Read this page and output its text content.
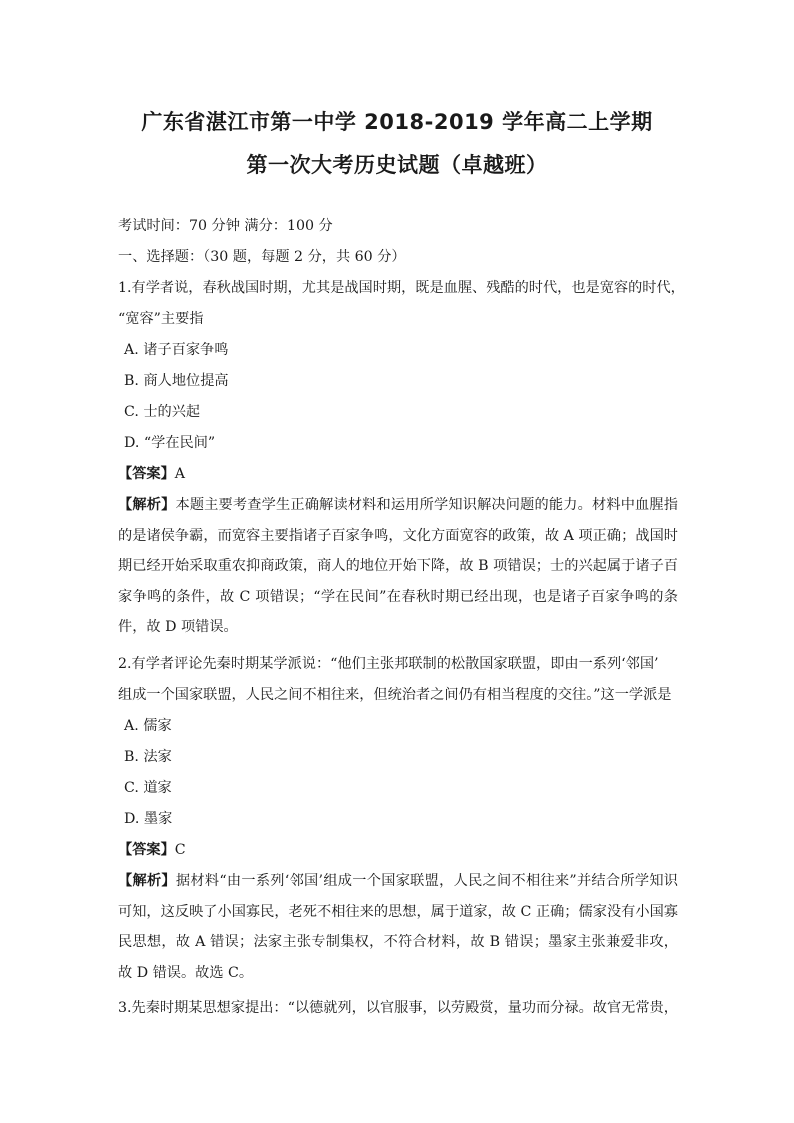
广东省湛江市第一中学 2018-2019 学年高二上学期
第一次大考历史试题（卓越班）
考试时间：70 分钟 满分：100 分
一、选择题：（30 题，每题 2 分，共 60 分）
1.有学者说，春秋战国时期，尤其是战国时期，既是血腥、残酷的时代，也是宽容的时代，
“宽容”主要指
A. 诸子百家争鸣
B. 商人地位提高
C. 士的兴起
D. “学在民间”
【答案】A
【解析】本题主要考查学生正确解读材料和运用所学知识解决问题的能力。材料中血腥指的是诸侯争霸，而宽容主要指诸子百家争鸣，文化方面宽容的政策，故 A 项正确；战国时期已经开始采取重农抑商政策，商人的地位开始下降，故 B 项错误；士的兴起属于诸子百家争鸣的条件，故 C 项错误；“学在民间”在春秋时期已经出现，也是诸子百家争鸣的条件，故 D 项错误。
2.有学者评论先秦时期某学派说：“他们主张邦联制的松散国家联盟，即由一系列‘邻国’
组成一个国家联盟，人民之间不相往来，但统治者之间仍有相当程度的交往。”这一学派是
A. 儒家
B. 法家
C. 道家
D. 墨家
【答案】C
【解析】据材料“由一系列‘邻国’组成一个国家联盟，人民之间不相往来”并结合所学知识可知，这反映了小国寡民，老死不相往来的思想，属于道家，故 C 正确；儒家没有小国寡民思想，故 A 错误；法家主张专制集权，不符合材料，故 B 错误；墨家主张兼爱非攻，故 D 错误。故选 C。
3.先秦时期某思想家提出：“以德就列，以官服事，以劳殿赏，量功而分禄。故官无常贵，
